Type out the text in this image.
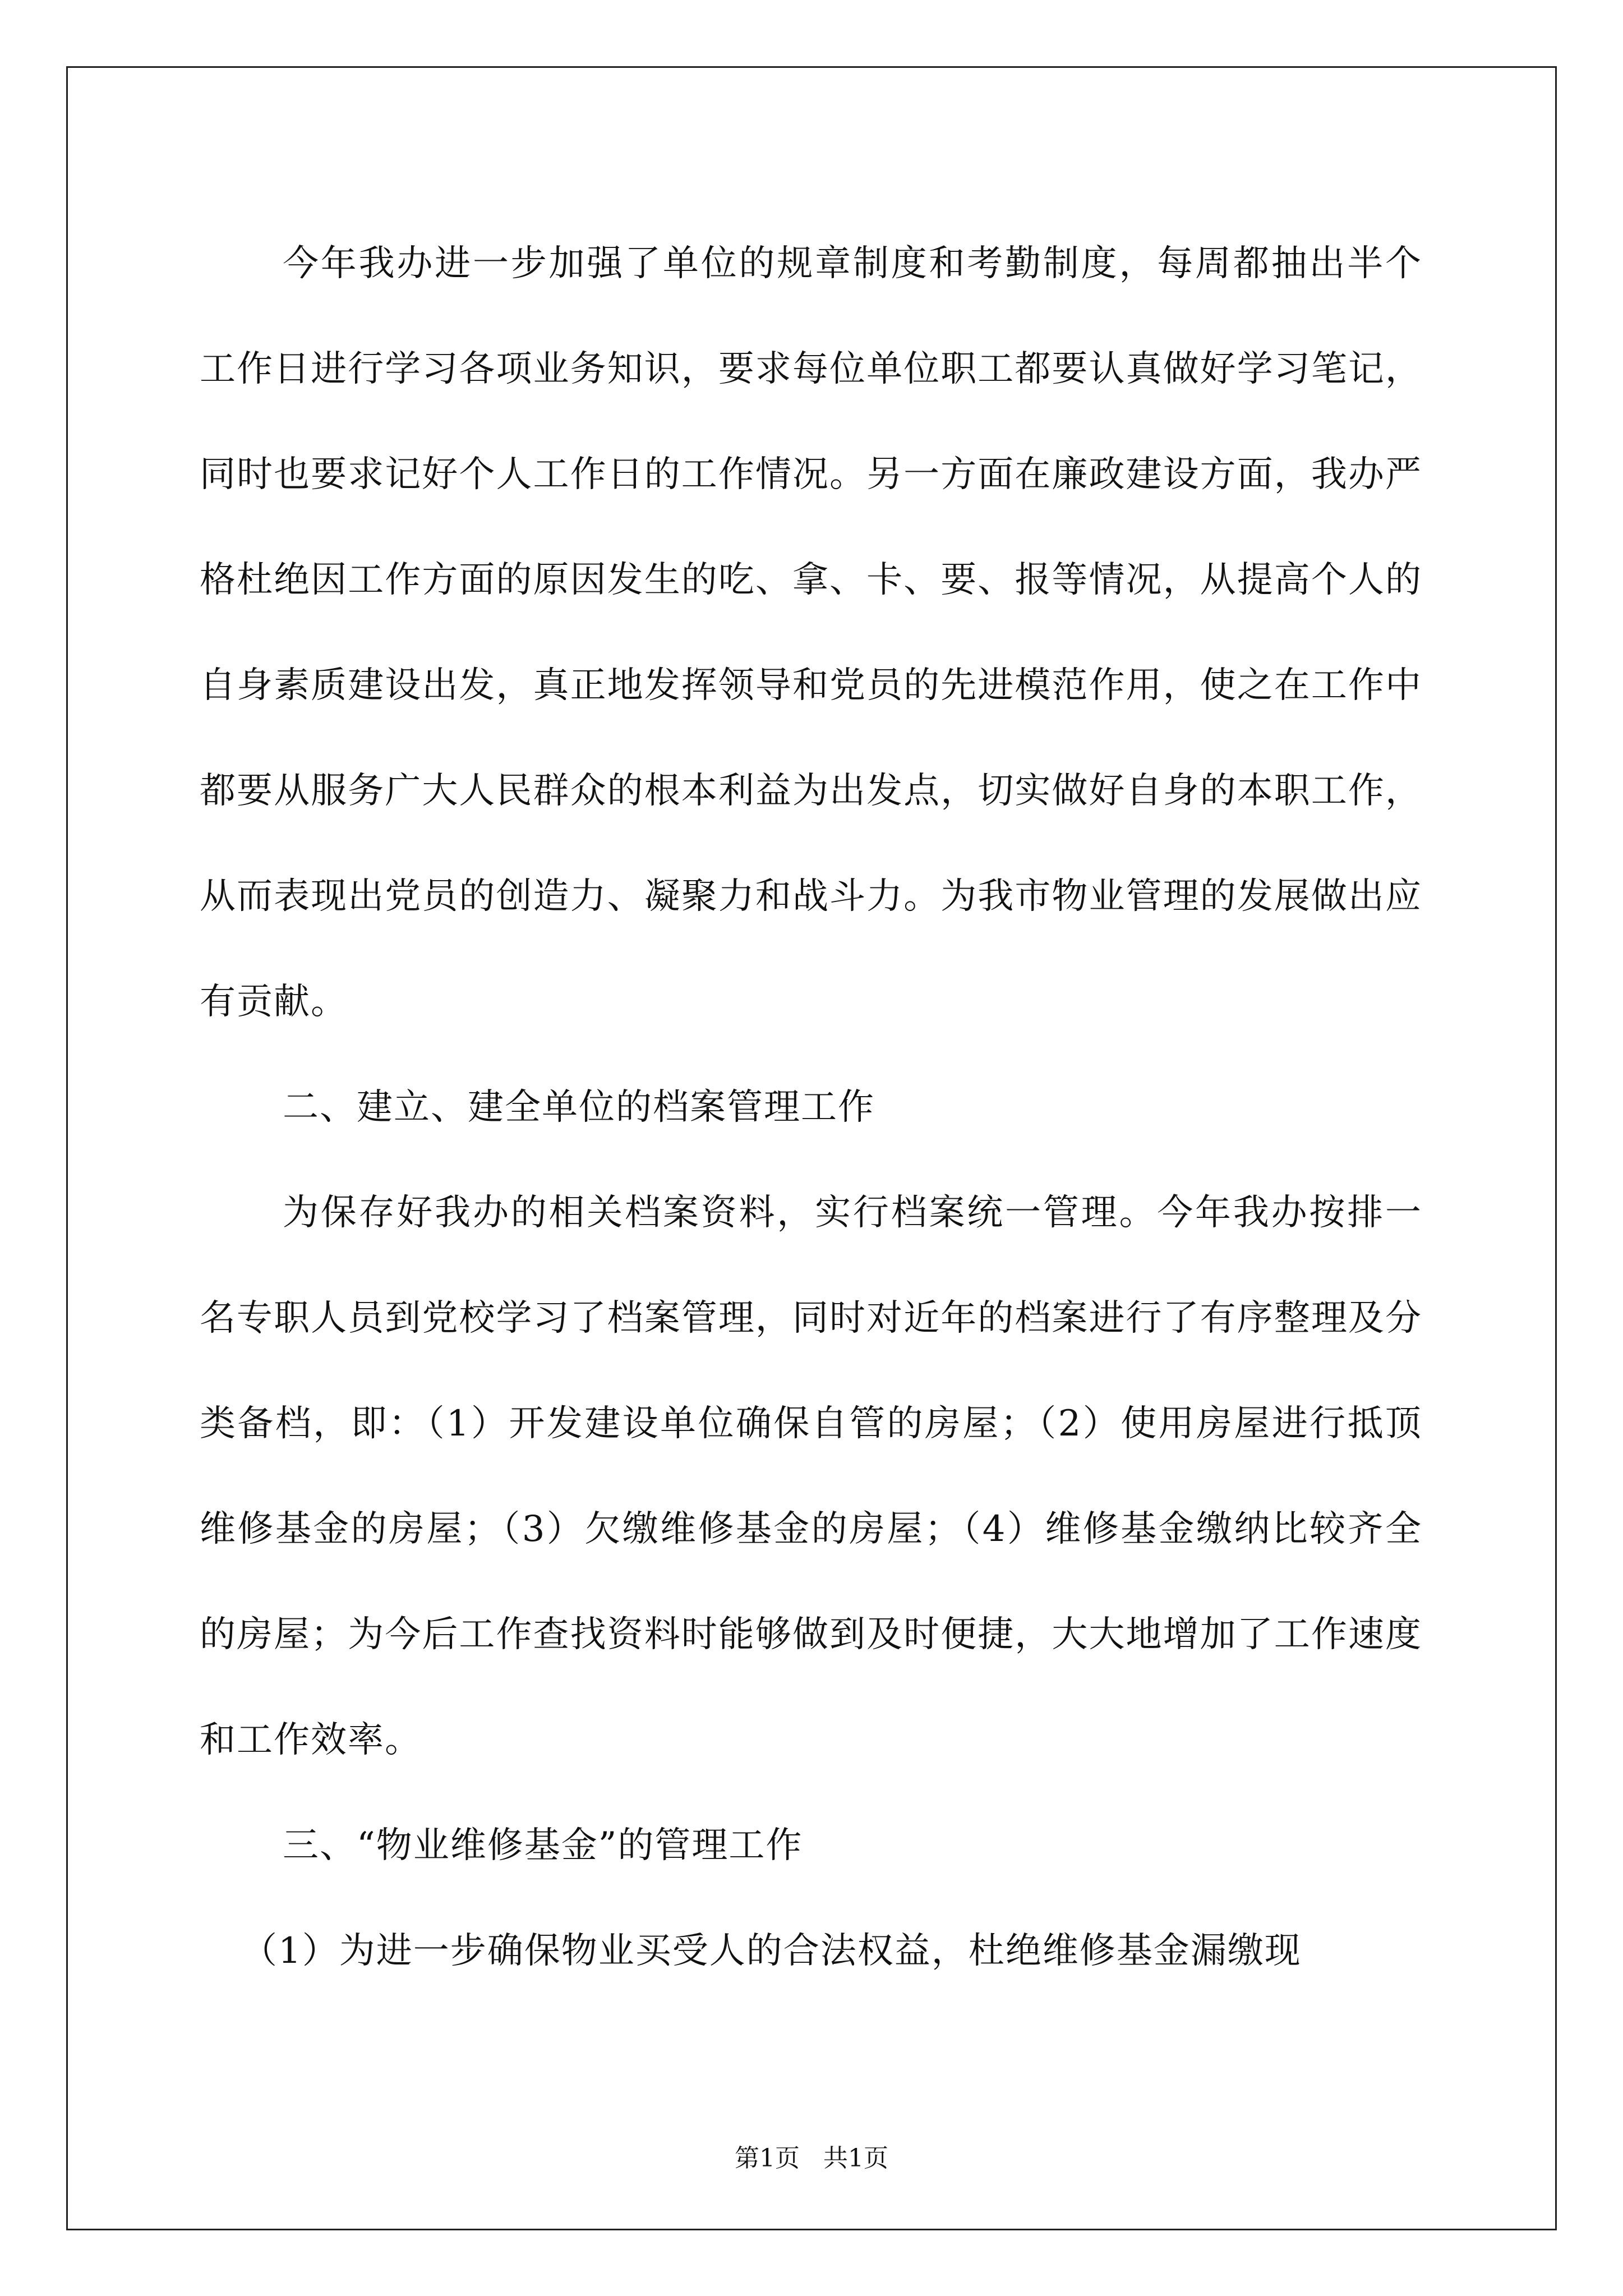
今年我办进一步加强了单位的规章制度和考勤制度，每周都抽出半个工作日进行学习各项业务知识，要求每位单位职工都要认真做好学习笔记，同时也要求记好个人工作日的工作情况。另一方面在廉政建设方面，我办严格杜绝因工作方面的原因发生的吃、拿、卡、要、报等情况，从提高个人的自身素质建设出发，真正地发挥领导和党员的先进模范作用，使之在工作中都要从服务广大人民群众的根本利益为出发点，切实做好自身的本职工作，从而表现出党员的创造力、凝聚力和战斗力。为我市物业管理的发展做出应有贡献。

二、建立、建全单位的档案管理工作

为保存好我办的相关档案资料，实行档案统一管理。今年我办按排一名专职人员到党校学习了档案管理，同时对近年的档案进行了有序整理及分类备档，即：（1）开发建设单位确保自管的房屋；（2）使用房屋进行抵顶维修基金的房屋；（3）欠缴维修基金的房屋；（4）维修基金缴纳比较齐全的房屋；为今后工作查找资料时能够做到及时便捷，大大地增加了工作速度和工作效率。

三、“物业维修基金”的管理工作

（1）为进一步确保物业买受人的合法权益，杜绝维修基金漏缴现

第1页   共1页
